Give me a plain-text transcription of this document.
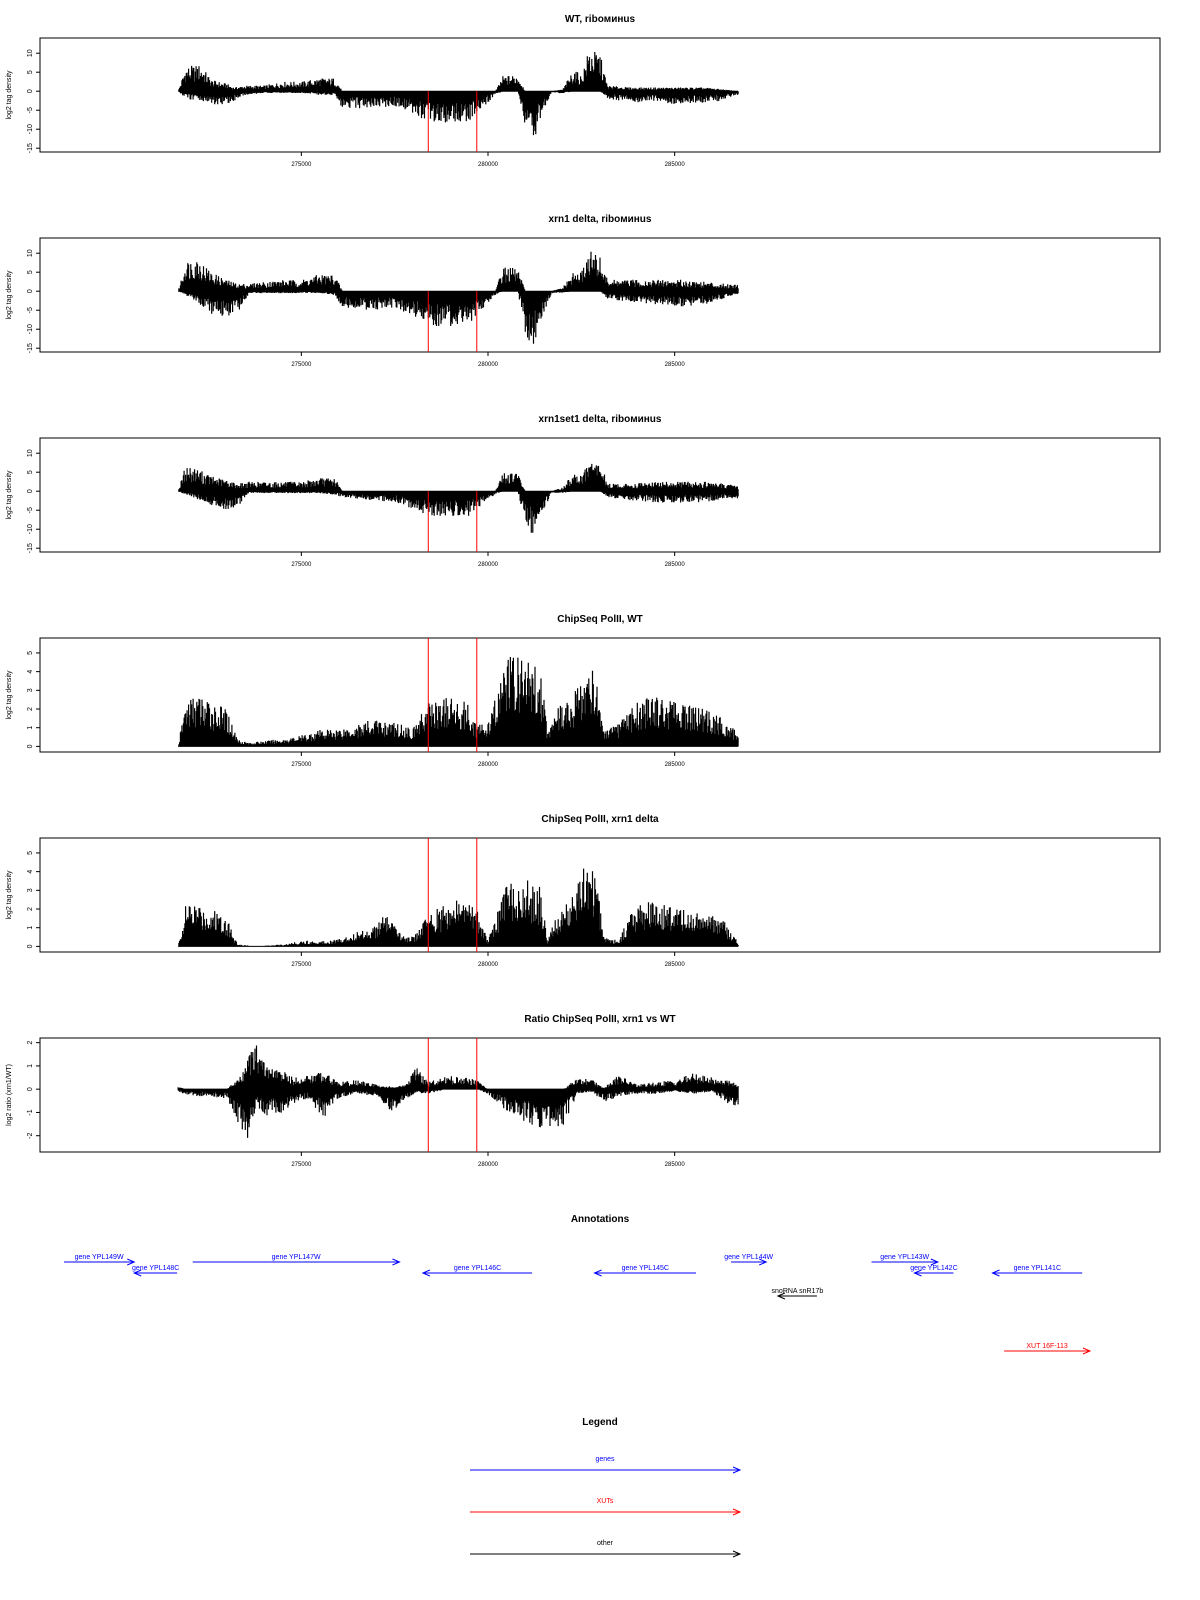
WT, riboминus
10
5
0
-5
-10
-15
log2 tag density
275000	280000	285000
xrn1 delta, riboминus
10
5
0
-5
-10
-15
log2 tag density
275000	280000	285000
xrn1set1 delta, riboминus
10
5
0
-5
-10
-15
log2 tag density
275000	280000	285000
ChipSeq PolII, WT
5
4
3
2
1
0
log2 tag density
275000	280000	285000
ChipSeq PolII, xrn1 delta
5
4
3
2
1
0
log2 tag density
275000	280000	285000
Ratio ChipSeq PolII, xrn1 vs WT
2
1
0
-1
-2
log2 ratio (xrn1/WT)
275000	280000	285000
Annotations
gene YPL149W
gene YPL148C
gene YPL147W
gene YPL146C	gene YPL145C
gene YPL144W
snoRNA snR17b
gene YPL143W
gene YPL142C	gene YPL141C
XUT 16F-113
Legend
genes
XUTs
other
